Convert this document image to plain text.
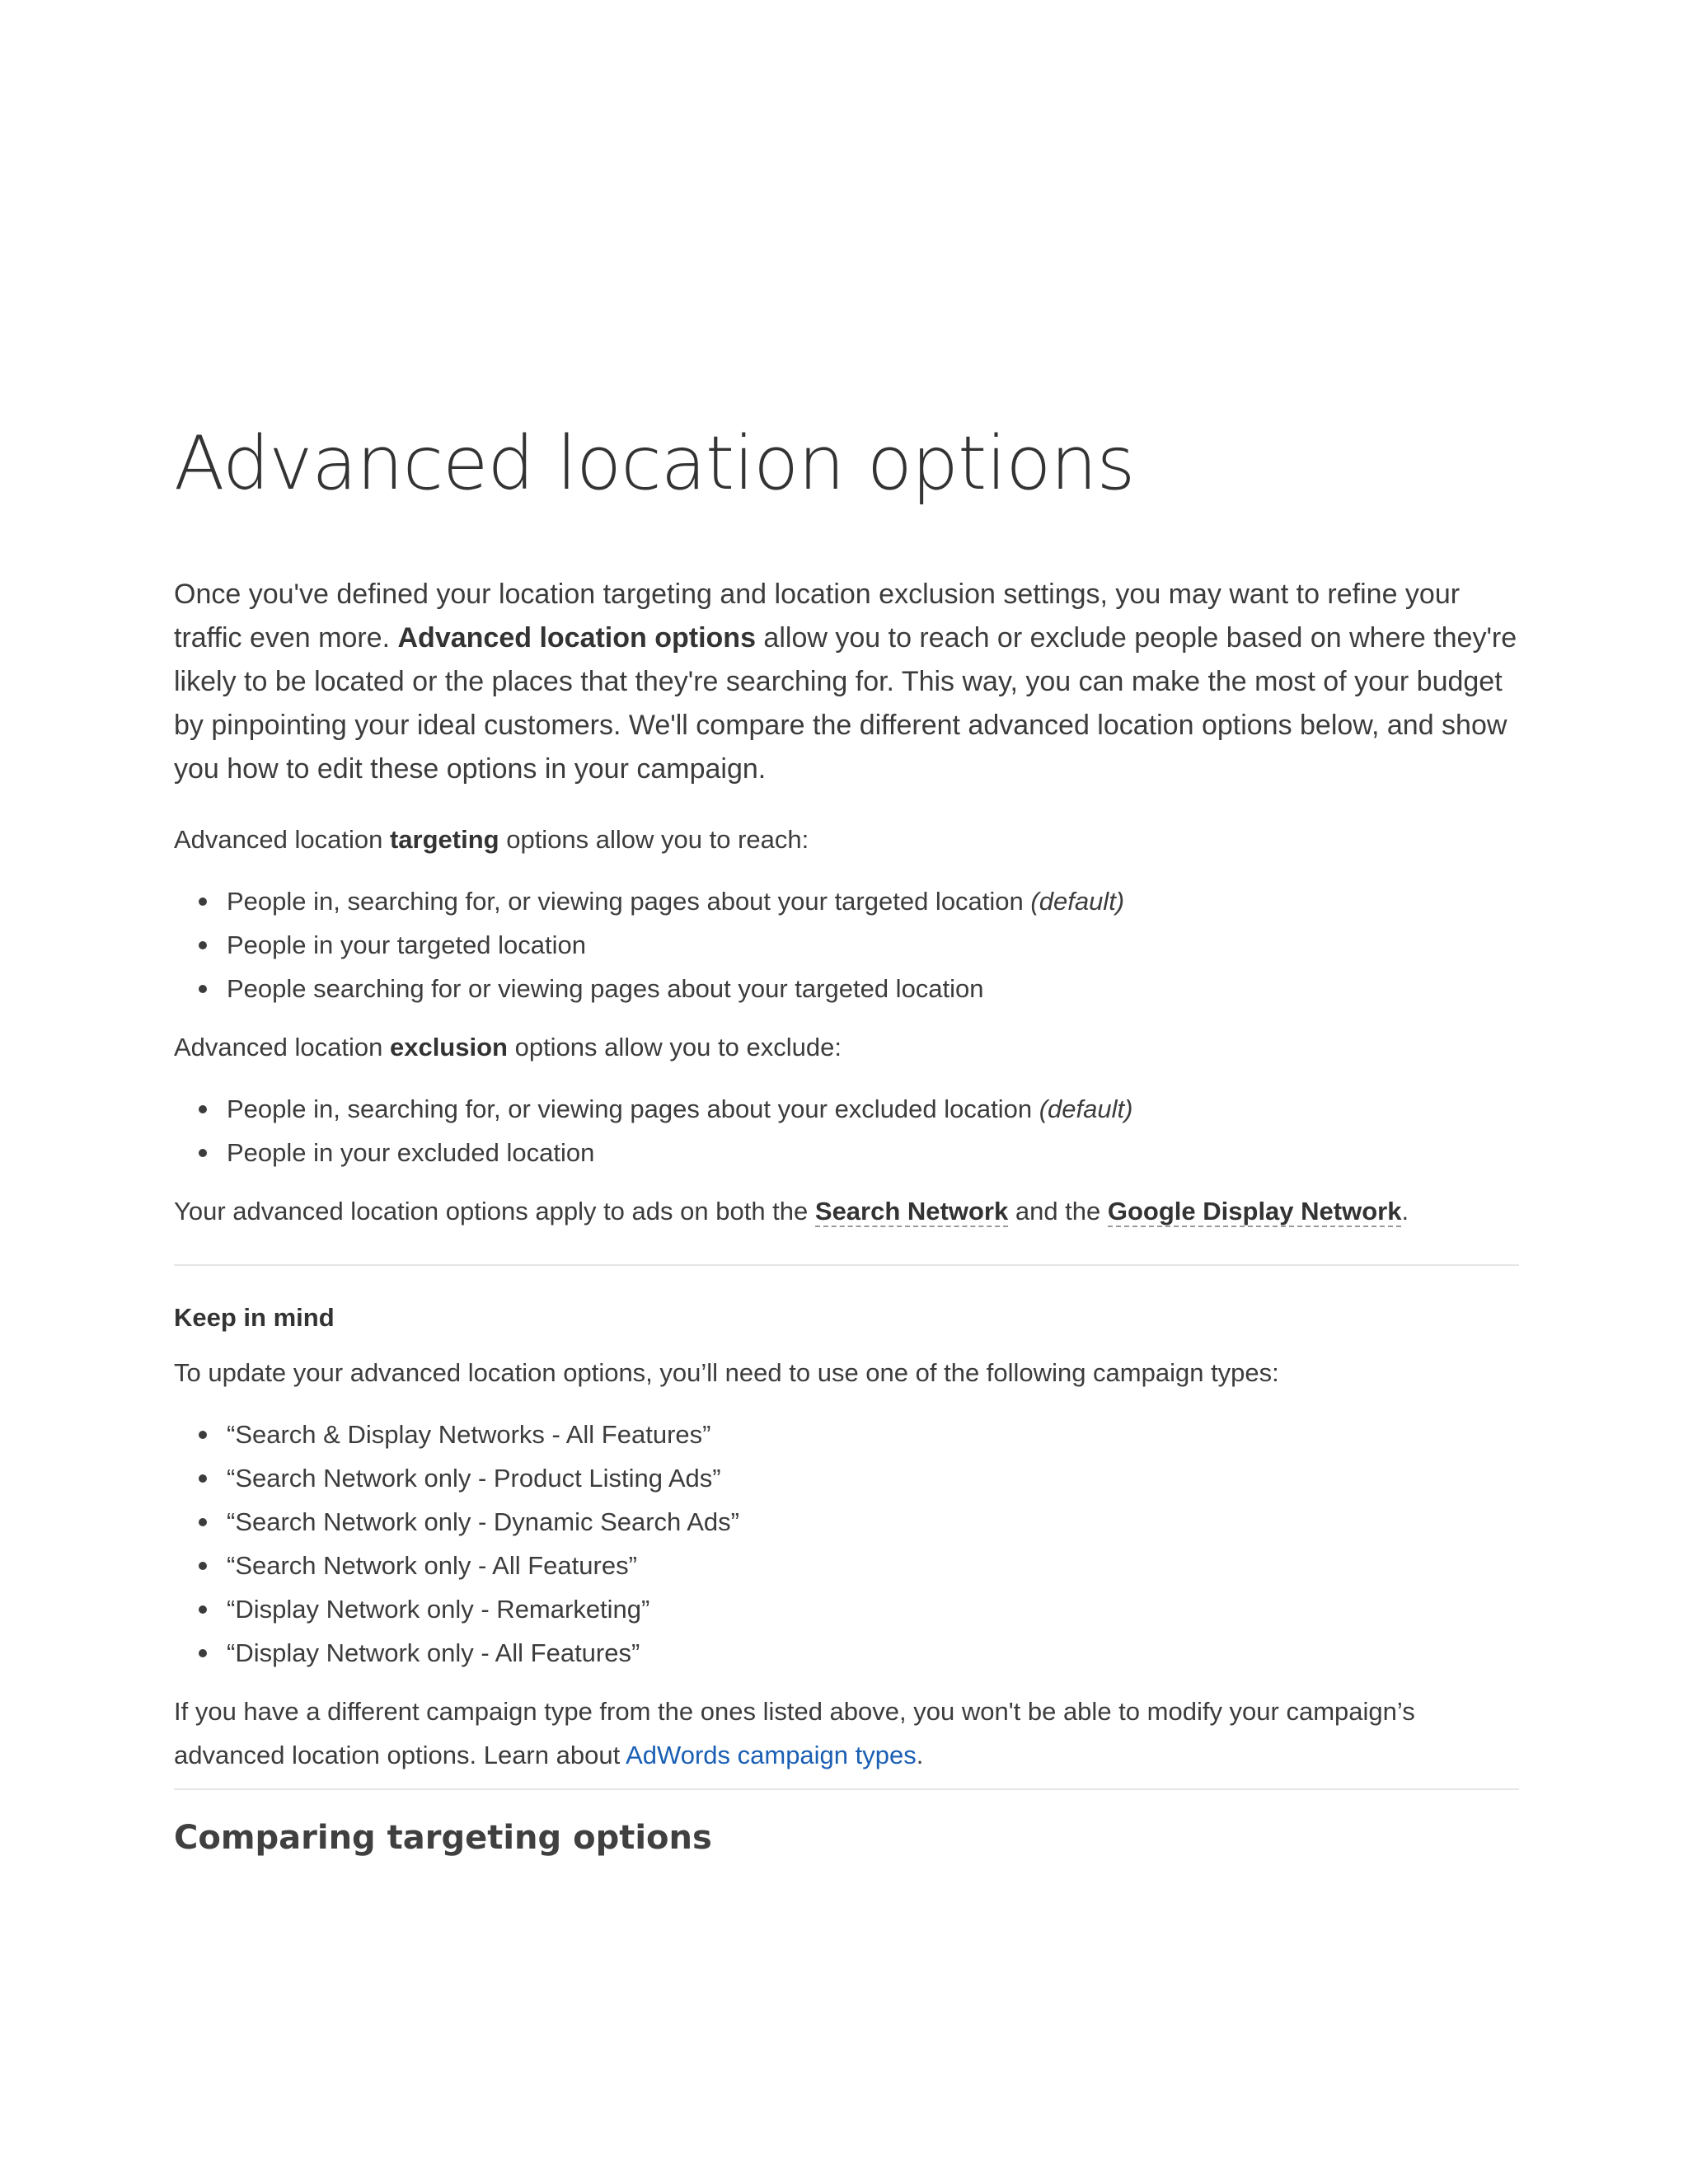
Advanced location options

Once you've defined your location targeting and location exclusion settings, you may want to refine your traffic even more. Advanced location options allow you to reach or exclude people based on where they're likely to be located or the places that they're searching for. This way, you can make the most of your budget by pinpointing your ideal customers. We'll compare the different advanced location options below, and show you how to edit these options in your campaign.

Advanced location targeting options allow you to reach:

People in, searching for, or viewing pages about your targeted location (default)
People in your targeted location
People searching for or viewing pages about your targeted location

Advanced location exclusion options allow you to exclude:

People in, searching for, or viewing pages about your excluded location (default)
People in your excluded location

Your advanced location options apply to ads on both the Search Network and the Google Display Network.

Keep in mind

To update your advanced location options, you’ll need to use one of the following campaign types:

“Search & Display Networks - All Features”
“Search Network only - Product Listing Ads”
“Search Network only - Dynamic Search Ads”
“Search Network only - All Features”
“Display Network only - Remarketing”
“Display Network only - All Features”

If you have a different campaign type from the ones listed above, you won't be able to modify your campaign’s advanced location options. Learn about AdWords campaign types.

Comparing targeting options
